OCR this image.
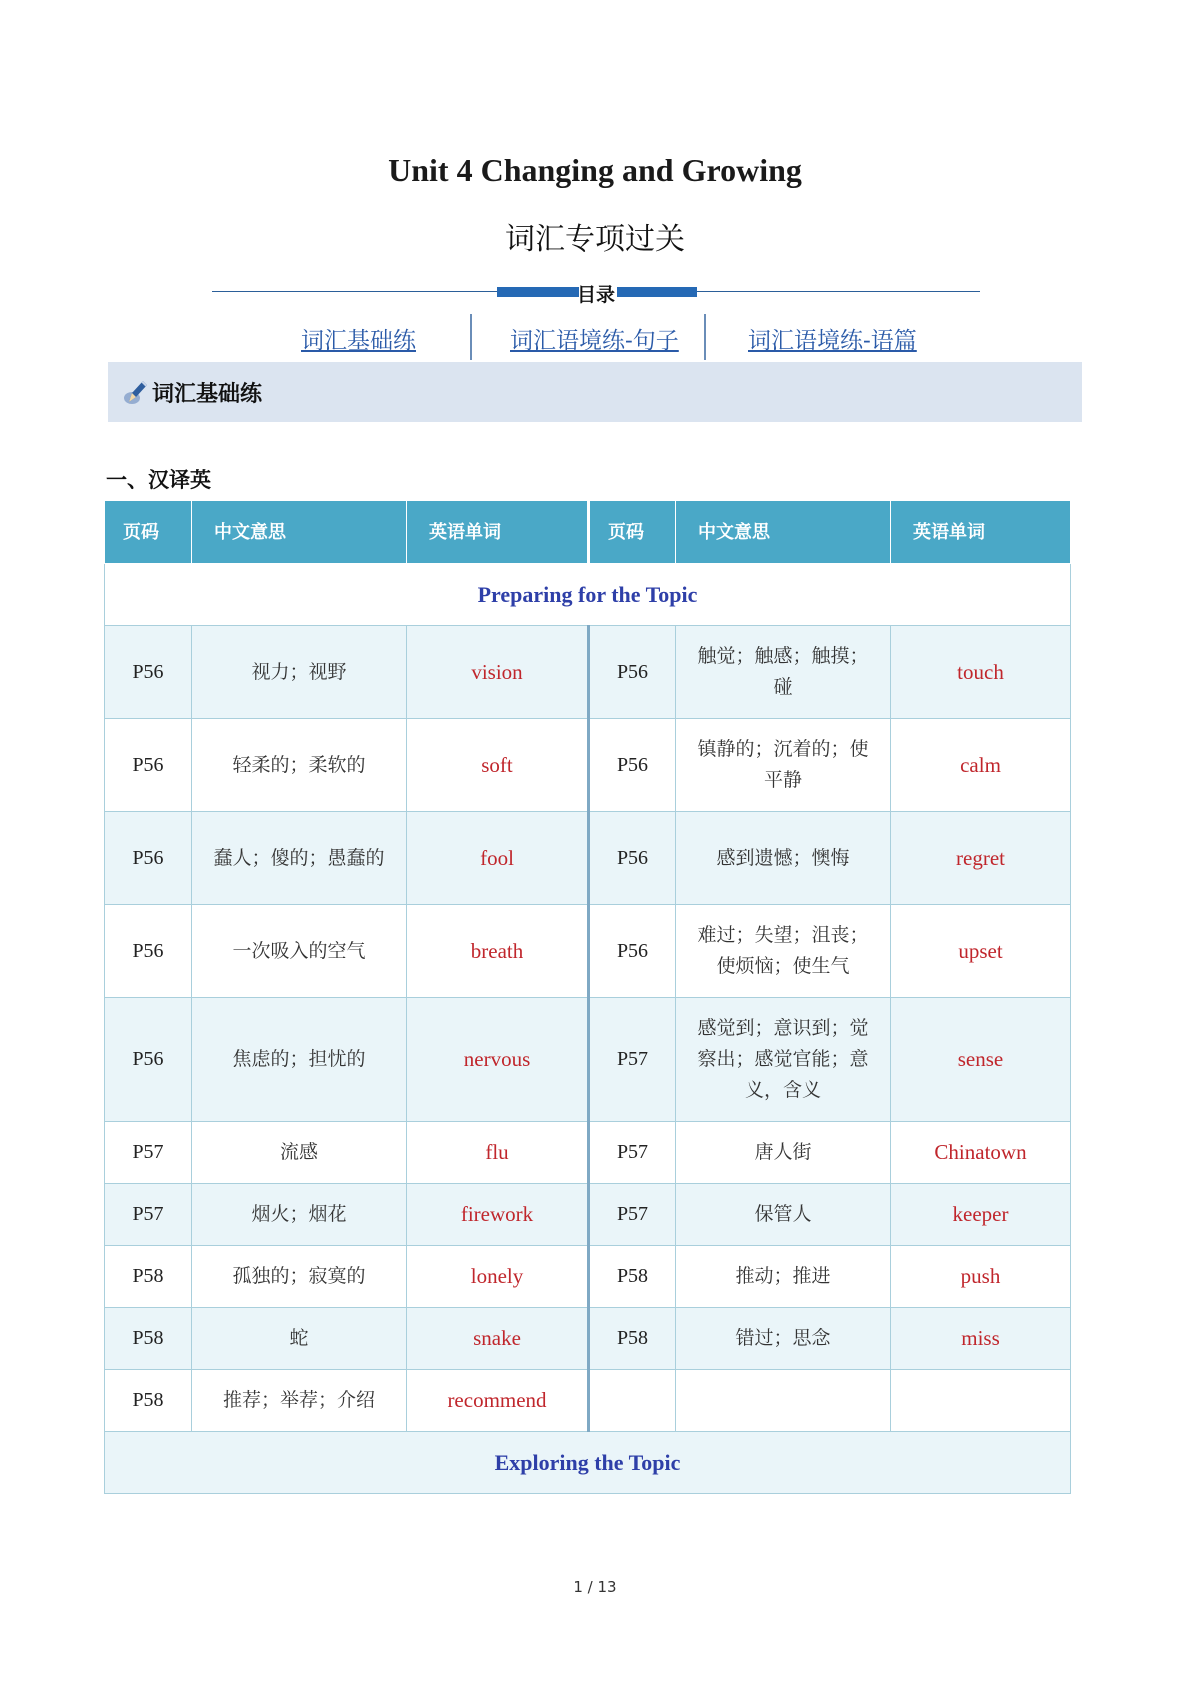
Unit 4 Changing and Growing
词汇专项过关
目录
词汇基础练	词汇语境练-句子	词汇语境练-语篇
词汇基础练
一、汉译英
页码	中文意思	英语单词	页码	中文意思	英语单词
Preparing for the Topic					
P56	视力；视野	vision	P56	触觉；触感；触摸；碰	touch
P56	轻柔的；柔软的	soft	P56	镇静的；沉着的；使平静	calm
P56	蠢人；傻的；愚蠢的	fool	P56	感到遗憾；懊悔	regret
P56	一次吸入的空气	breath	P56	难过；失望；沮丧；使烦恼；使生气	upset
P56	焦虑的；担忧的	nervous	P57	感觉到；意识到；觉察出；感觉官能；意义，含义	sense
P57	流感	flu	P57	唐人街	Chinatown
P57	烟火；烟花	firework	P57	保管人	keeper
P58	孤独的；寂寞的	lonely	P58	推动；推进	push
P58	蛇	snake	P58	错过；思念	miss
P58	推荐；举荐；介绍	recommend			
Exploring the Topic					
1 / 13
